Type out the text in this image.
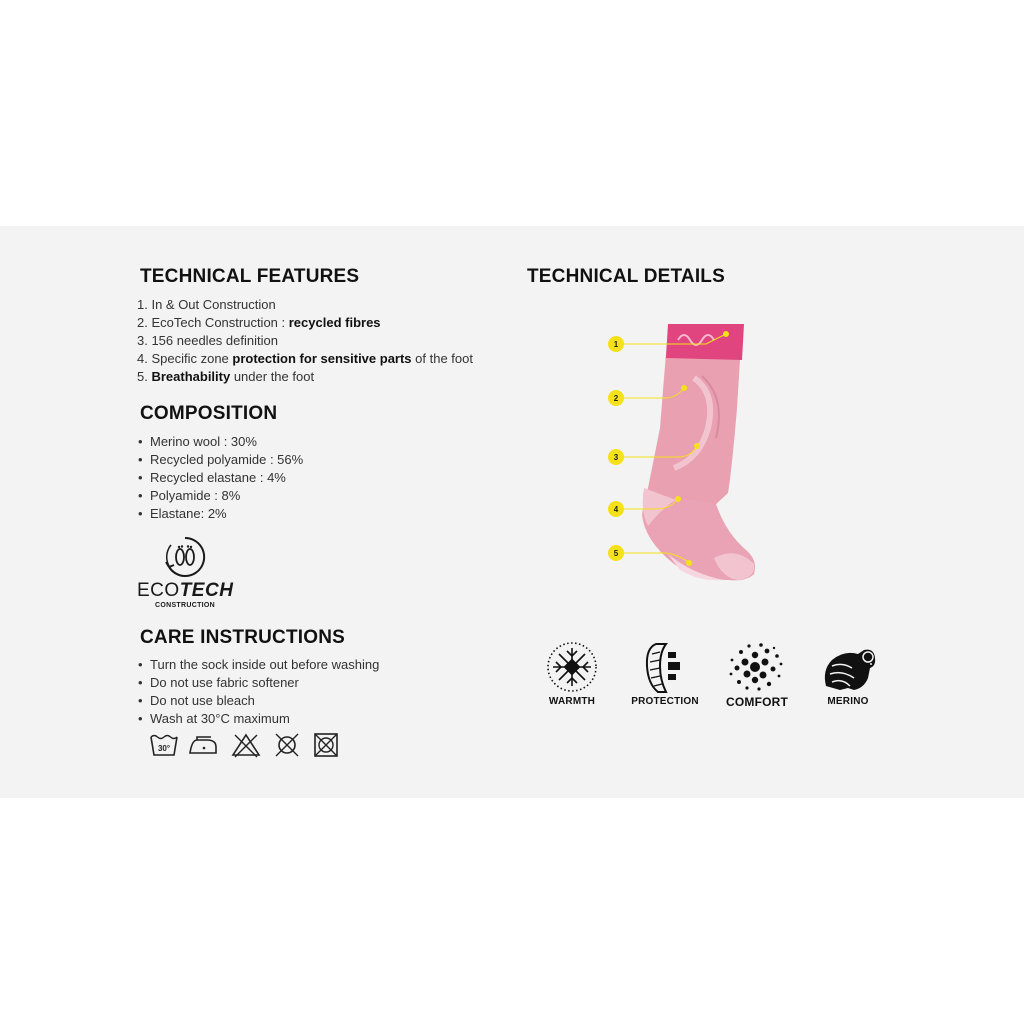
TECHNICAL FEATURES
1. In & Out Construction
2. EcoTech Construction : recycled fibres
3. 156 needles definition
4. Specific zone protection for sensitive parts of the foot
5. Breathability under the foot
COMPOSITION
• Merino wool : 30%
• Recycled polyamide : 56%
• Recycled elastane : 4%
• Polyamide : 8%
• Elastane: 2%
ECOTECH
CONSTRUCTION
CARE INSTRUCTIONS
• Turn the sock inside out before washing
• Do not use fabric softener
• Do not use bleach
• Wash at 30°C maximum
30°
TECHNICAL DETAILS
1
2
3
4
5
WARMTH	PROTECTION	COMFORT	MERINO
